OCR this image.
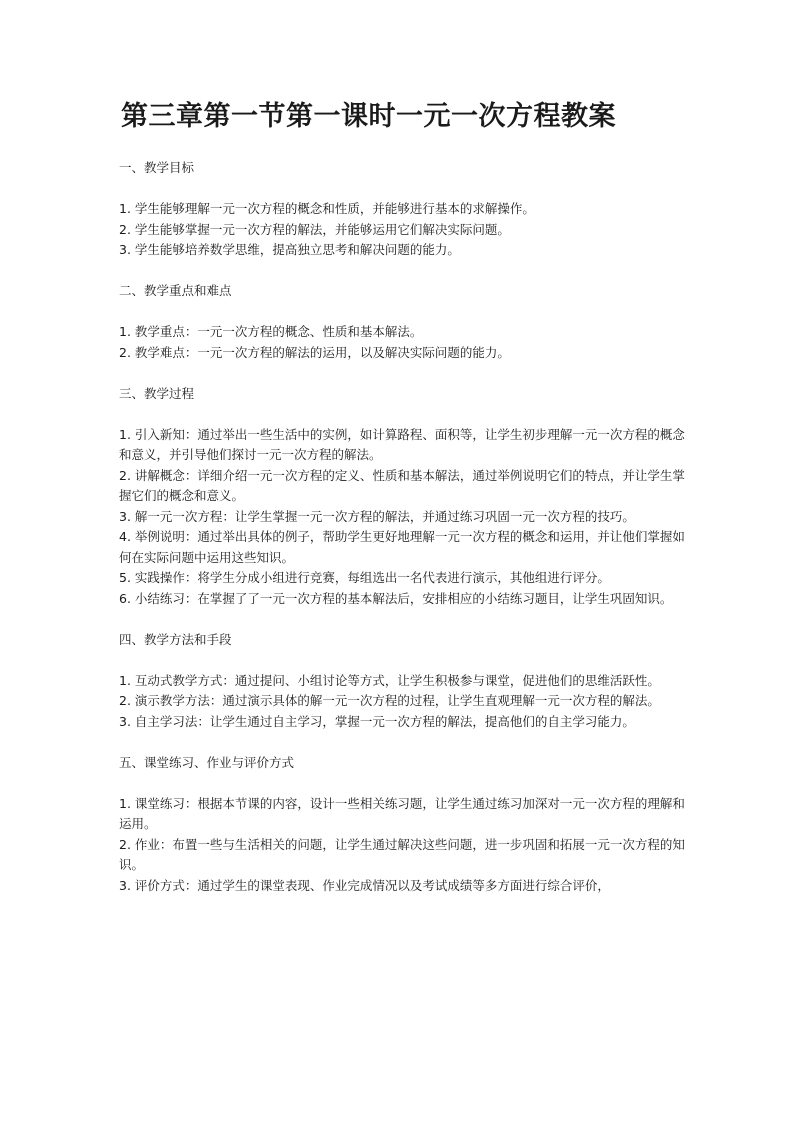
第三章第一节第一课时一元一次方程教案

一、教学目标

1. 学生能够理解一元一次方程的概念和性质，并能够进行基本的求解操作。

2. 学生能够掌握一元一次方程的解法，并能够运用它们解决实际问题。

3. 学生能够培养数学思维，提高独立思考和解决问题的能力。

二、教学重点和难点

1. 教学重点：一元一次方程的概念、性质和基本解法。

2. 教学难点：一元一次方程的解法的运用，以及解决实际问题的能力。

三、教学过程

1. 引入新知：通过举出一些生活中的实例，如计算路程、面积等，让学生初步理解一元一次方程的概念和意义，并引导他们探讨一元一次方程的解法。

2. 讲解概念：详细介绍一元一次方程的定义、性质和基本解法，通过举例说明它们的特点，并让学生掌握它们的概念和意义。

3. 解一元一次方程：让学生掌握一元一次方程的解法，并通过练习巩固一元一次方程的技巧。

4. 举例说明：通过举出具体的例子，帮助学生更好地理解一元一次方程的概念和运用，并让他们掌握如何在实际问题中运用这些知识。

5. 实践操作：将学生分成小组进行竞赛，每组选出一名代表进行演示，其他组进行评分。

6. 小结练习：在掌握了了一元一次方程的基本解法后，安排相应的小结练习题目，让学生巩固知识。

四、教学方法和手段

1. 互动式教学方式：通过提问、小组讨论等方式，让学生积极参与课堂，促进他们的思维活跃性。

2. 演示教学方法：通过演示具体的解一元一次方程的过程，让学生直观理解一元一次方程的解法。

3. 自主学习法：让学生通过自主学习，掌握一元一次方程的解法，提高他们的自主学习能力。

五、课堂练习、作业与评价方式

1. 课堂练习：根据本节课的内容，设计一些相关练习题，让学生通过练习加深对一元一次方程的理解和运用。

2. 作业：布置一些与生活相关的问题，让学生通过解决这些问题，进一步巩固和拓展一元一次方程的知识。

3. 评价方式：通过学生的课堂表现、作业完成情况以及考试成绩等多方面进行综合评价，
